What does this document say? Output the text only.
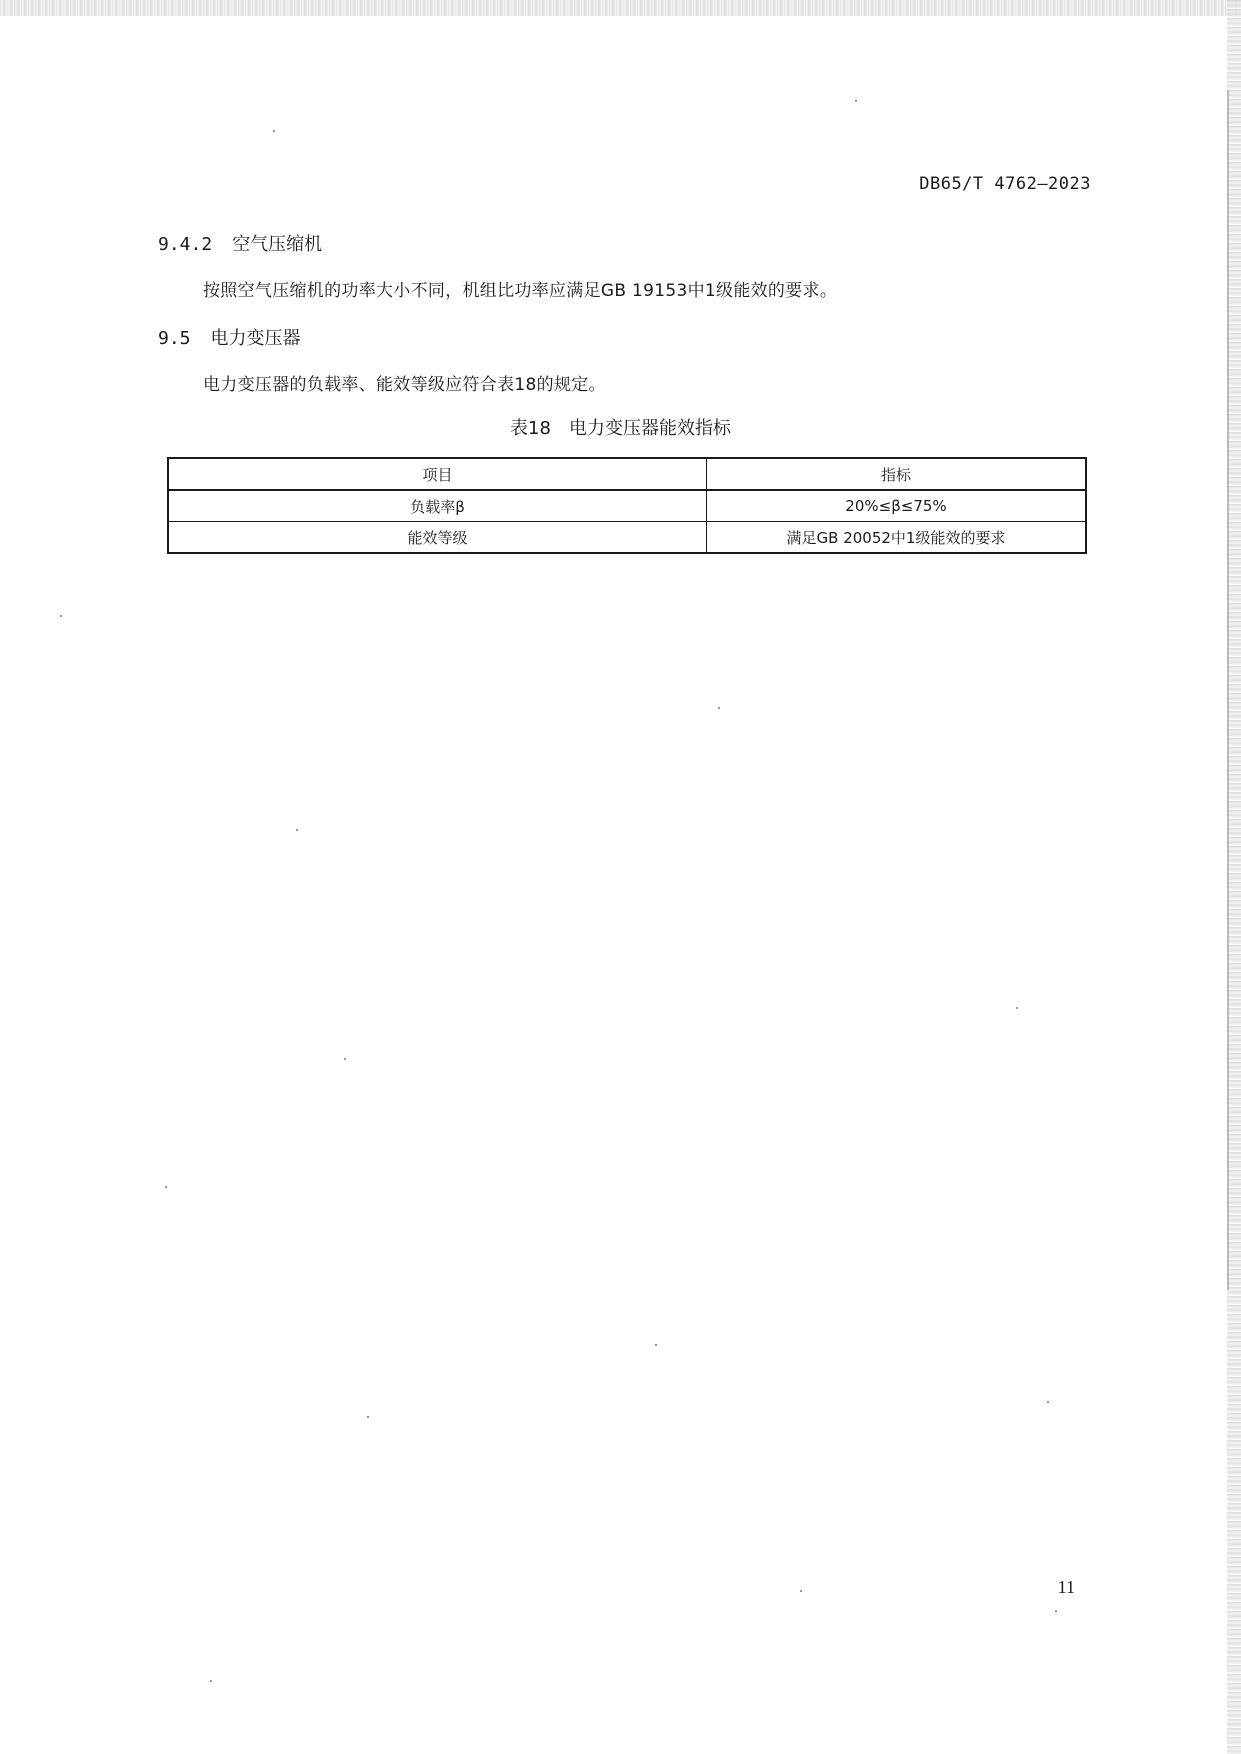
DB65/T 4762—2023
9.4.2 空气压缩机
按照空气压缩机的功率大小不同，机组比功率应满足GB 19153中1级能效的要求。
9.5 电力变压器
电力变压器的负载率、能效等级应符合表18的规定。
表18 电力变压器能效指标
项目	指标
负载率β	20%≤β≤75%
能效等级	满足GB 20052中1级能效的要求
11
